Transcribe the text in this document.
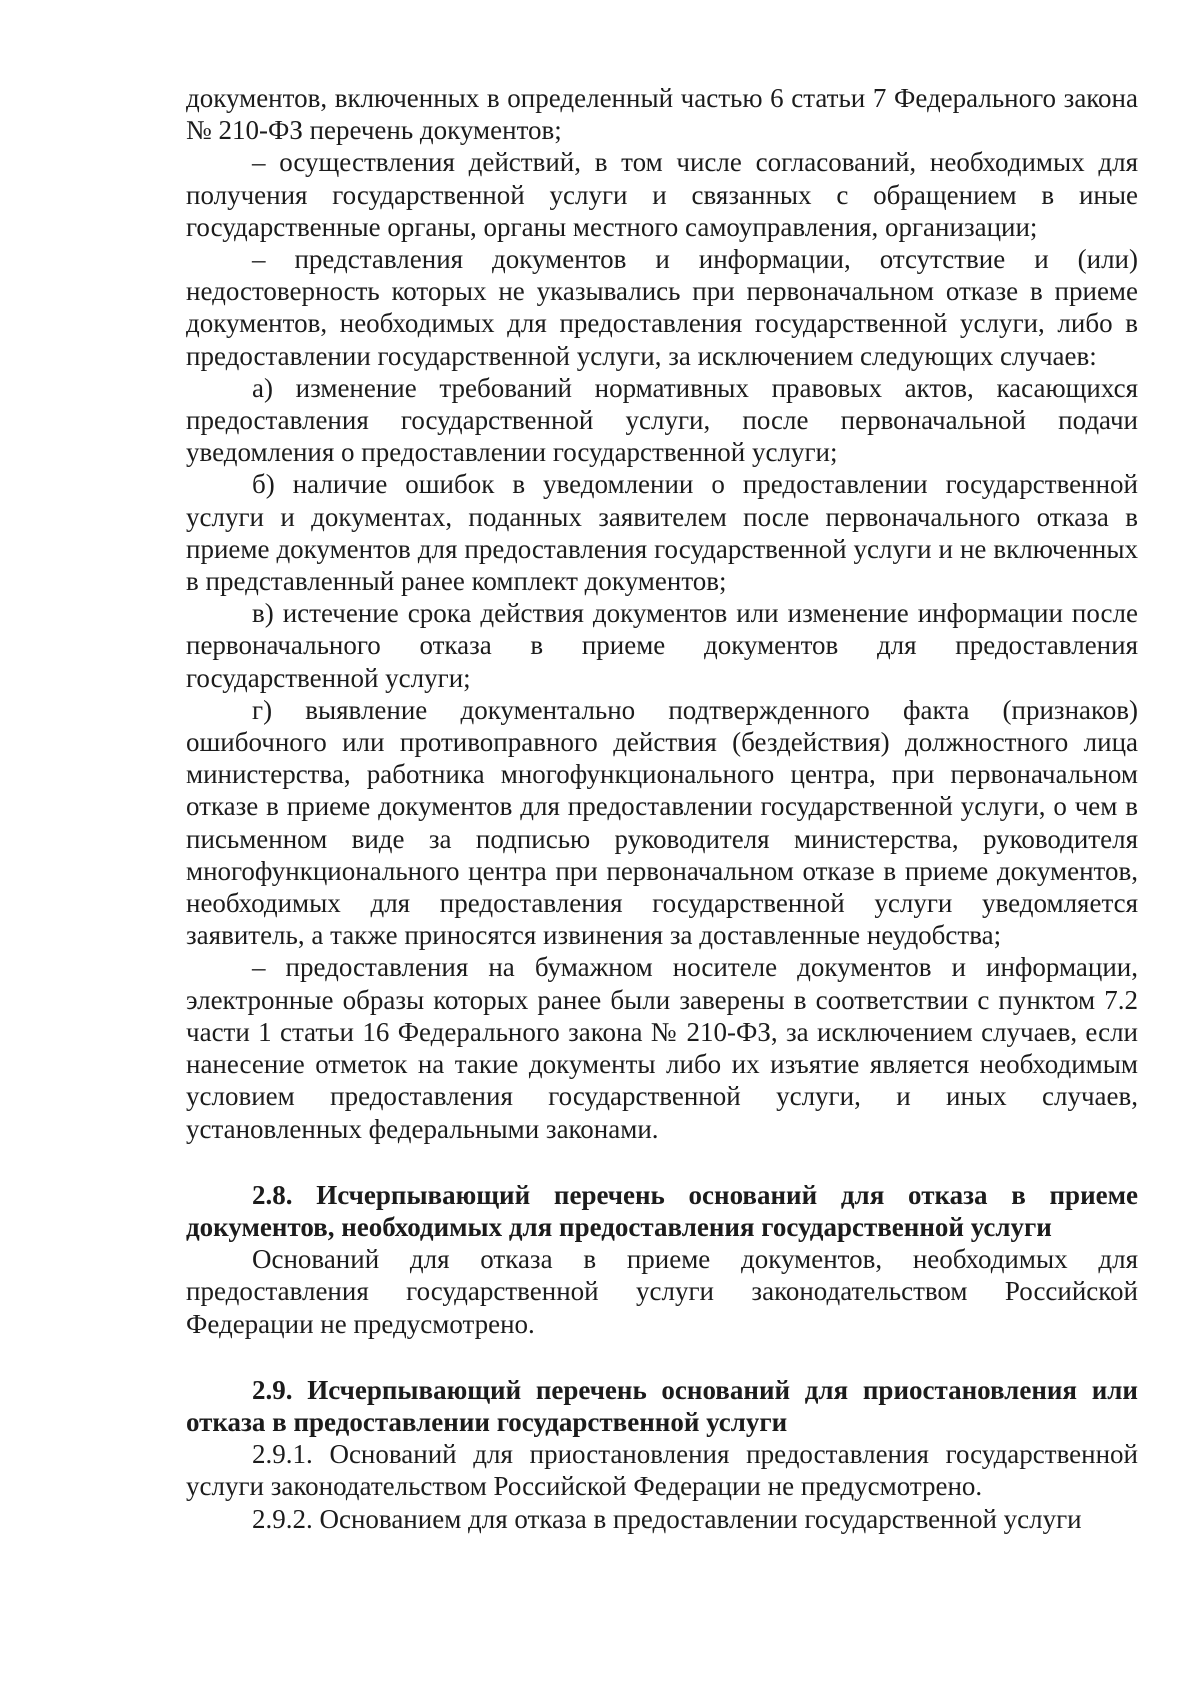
документов, включенных в определенный частью 6 статьи 7 Федерального закона № 210-ФЗ перечень документов;

– осуществления действий, в том числе согласований, необходимых для получения государственной услуги и связанных с обращением в иные государственные органы, органы местного самоуправления, организации;

– представления документов и информации, отсутствие и (или) недостоверность которых не указывались при первоначальном отказе в приеме документов, необходимых для предоставления государственной услуги, либо в предоставлении государственной услуги, за исключением следующих случаев:

а) изменение требований нормативных правовых актов, касающихся предоставления государственной услуги, после первоначальной подачи уведомления о предоставлении государственной услуги;

б) наличие ошибок в уведомлении о предоставлении государственной услуги и документах, поданных заявителем после первоначального отказа в приеме документов для предоставления государственной услуги и не включенных в представленный ранее комплект документов;

в) истечение срока действия документов или изменение информации после первоначального отказа в приеме документов для предоставления государственной услуги;

г) выявление документально подтвержденного факта (признаков) ошибочного или противоправного действия (бездействия) должностного лица министерства, работника многофункционального центра, при первоначальном отказе в приеме документов для предоставлении государственной услуги, о чем в письменном виде за подписью руководителя министерства, руководителя многофункционального центра при первоначальном отказе в приеме документов, необходимых для предоставления государственной услуги уведомляется заявитель, а также приносятся извинения за доставленные неудобства;

– предоставления на бумажном носителе документов и информации, электронные образы которых ранее были заверены в соответствии с пунктом 7.2 части 1 статьи 16 Федерального закона № 210-ФЗ, за исключением случаев, если нанесение отметок на такие документы либо их изъятие является необходимым условием предоставления государственной услуги, и иных случаев, установленных федеральными законами.

2.8. Исчерпывающий перечень оснований для отказа в приеме документов, необходимых для предоставления государственной услуги

Оснований для отказа в приеме документов, необходимых для предоставления государственной услуги законодательством Российской Федерации не предусмотрено.

2.9. Исчерпывающий перечень оснований для приостановления или отказа в предоставлении государственной услуги

2.9.1. Оснований для приостановления предоставления государственной услуги законодательством Российской Федерации не предусмотрено.

2.9.2. Основанием для отказа в предоставлении государственной услуги
